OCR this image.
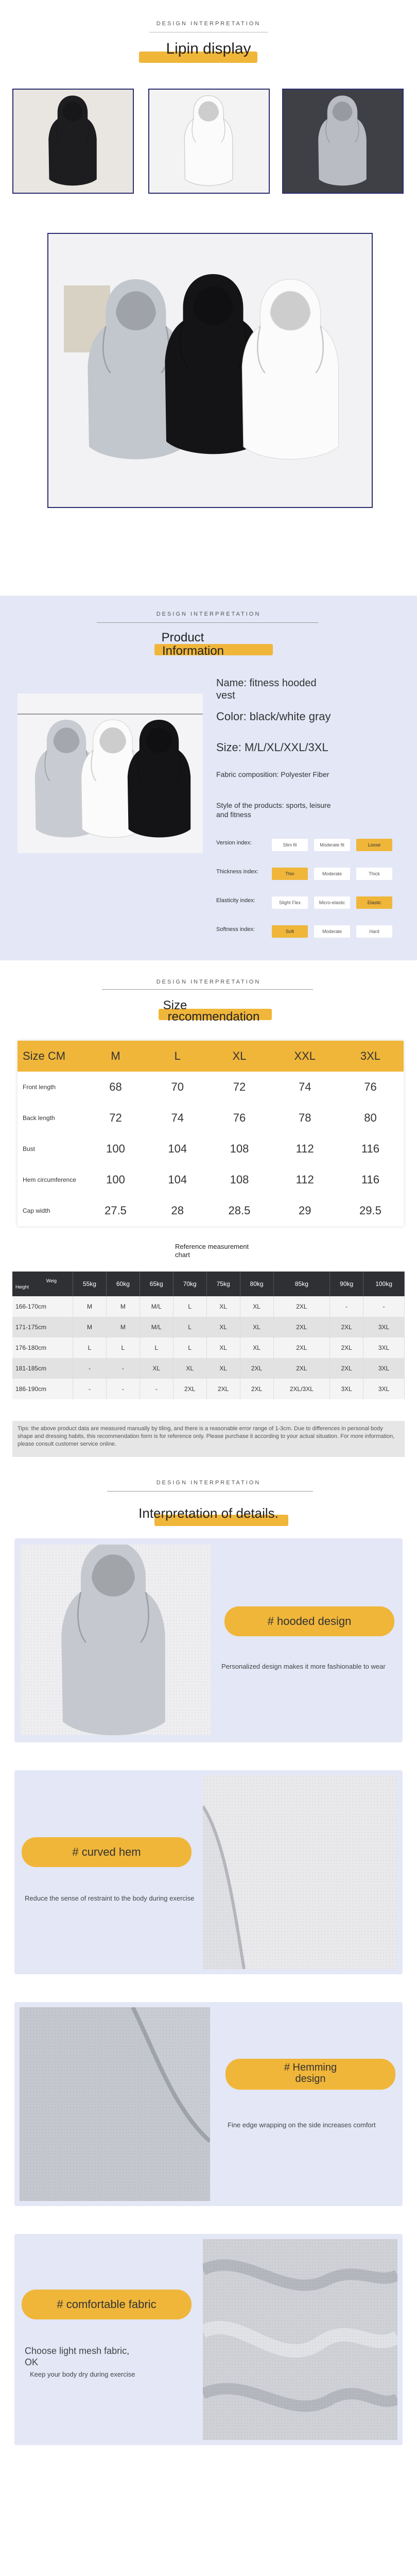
DESIGN INTERPRETATION
Lipin display
DESIGN INTERPRETATION
Product
Information
Name: fitness hooded vest
Color: black/white gray
Size: M/L/XL/XXL/3XL
Fabric composition: Polyester Fiber
Style of the products: sports, leisure and fitness
Version index:	Slim fit	Moderate fit	Loose
Thickness index:	Thin	Moderate	Thick
Elasticity index:	Slight Flex	Micro-elastic	Elastic
Softness index:	Soft	Moderate	Hard
DESIGN INTERPRETATION
Size
recommendation
Size CM	M	L	XL	XXL	3XL
Front length	68	70	72	74	76
Back length	72	74	76	78	80
Bust	100	104	108	112	116
Hem circumference	100	104	108	112	116
Cap width	27.5	28	28.5	29	29.5
Reference measurement
chart
Weig
Height	55kg	60kg	65kg	70kg	75kg	80kg	85kg	90kg	100kg
166-170cm	M	M	M/L	L	XL	XL	2XL	-	-
171-175cm	M	M	M/L	L	XL	XL	2XL	2XL	3XL
176-180cm	L	L	L	L	XL	XL	2XL	2XL	3XL
181-185cm	-	-	XL	XL	XL	2XL	2XL	2XL	3XL
186-190cm	-	-	-	2XL	2XL	2XL	2XL/3XL	3XL	3XL
Tips: the above product data are measured manually by tiling, and there is a reasonable error range of 1-3cm. Due to differences in personal body shape and dressing habits, this recommendation form is for reference only. Please purchase it according to your actual situation. For more information, please consult customer service online.
DESIGN INTERPRETATION
Interpretation of details.
# hooded design
Personalized design makes it more fashionable to wear
# curved hem
Reduce the sense of restraint to the body during exercise
# Hemming
design
Fine edge wrapping on the side increases comfort
# comfortable fabric
Choose light mesh fabric,
OK
Keep your body dry during exercise
